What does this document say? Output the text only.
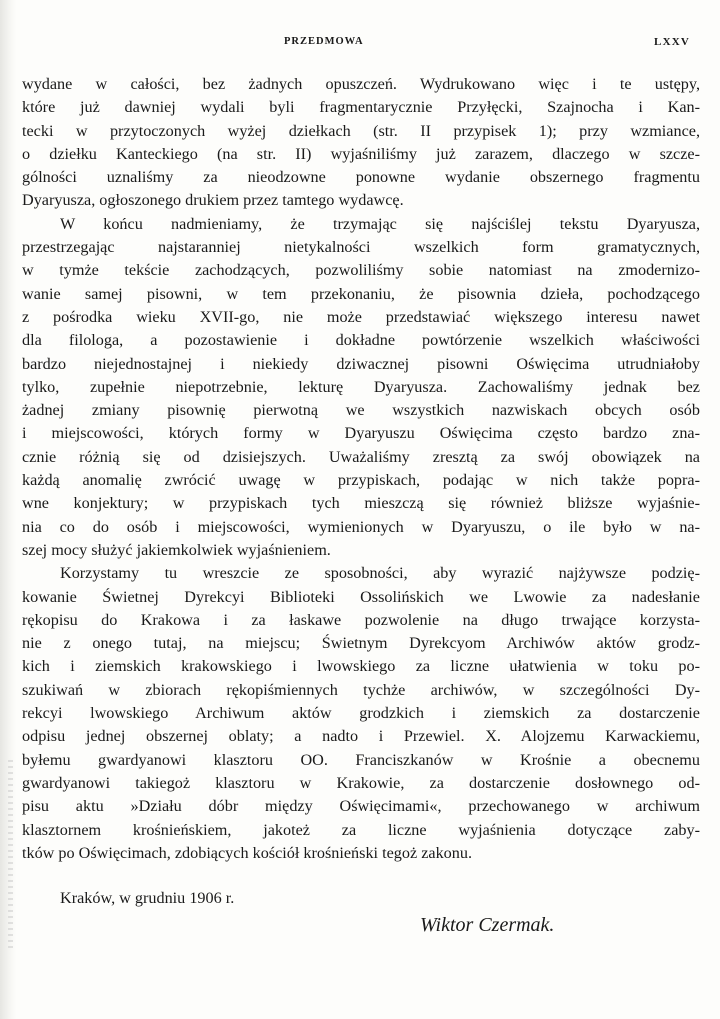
PRZEDMOWA	LXXV
wydane w całości, bez żadnych opuszczeń. Wydrukowano więc i te ustępy,
które już dawniej wydali byli fragmentarycznie Przyłęcki, Szajnocha i Kan-
tecki w przytoczonych wyżej dziełkach (str. II przypisek 1); przy wzmiance,
o dziełku Kanteckiego (na str. II) wyjaśniliśmy już zarazem, dlaczego w szcze-
gólności uznaliśmy za nieodzowne ponowne wydanie obszernego fragmentu
Dyaryusza, ogłoszonego drukiem przez tamtego wydawcę.
W końcu nadmieniamy, że trzymając się najściślej tekstu Dyaryusza,
przestrzegając najstaranniej nietykalności wszelkich form gramatycznych,
w tymże tekście zachodzących, pozwoliliśmy sobie natomiast na zmodernizo-
wanie samej pisowni, w tem przekonaniu, że pisownia dzieła, pochodzącego
z pośrodka wieku XVII-go, nie może przedstawiać większego interesu nawet
dla filologa, a pozostawienie i dokładne powtórzenie wszelkich właściwości
bardzo niejednostajnej i niekiedy dziwacznej pisowni Oświęcima utrudniałoby
tylko, zupełnie niepotrzebnie, lekturę Dyaryusza. Zachowaliśmy jednak bez
żadnej zmiany pisownię pierwotną we wszystkich nazwiskach obcych osób
i miejscowości, których formy w Dyaryuszu Oświęcima często bardzo zna-
cznie różnią się od dzisiejszych. Uważaliśmy zresztą za swój obowiązek na
każdą anomalię zwrócić uwagę w przypiskach, podając w nich także popra-
wne konjektury; w przypiskach tych mieszczą się również bliższe wyjaśnie-
nia co do osób i miejscowości, wymienionych w Dyaryuszu, o ile było w na-
szej mocy służyć jakiemkolwiek wyjaśnieniem.
Korzystamy tu wreszcie ze sposobności, aby wyrazić najżywsze podzię-
kowanie Świetnej Dyrekcyi Biblioteki Ossolińskich we Lwowie za nadesłanie
rękopisu do Krakowa i za łaskawe pozwolenie na długo trwające korzysta-
nie z onego tutaj, na miejscu; Świetnym Dyrekcyom Archiwów aktów grodz-
kich i ziemskich krakowskiego i lwowskiego za liczne ułatwienia w toku po-
szukiwań w zbiorach rękopiśmiennych tychże archiwów, w szczególności Dy-
rekcyi lwowskiego Archiwum aktów grodzkich i ziemskich za dostarczenie
odpisu jednej obszernej oblaty; a nadto i Przewiel. X. Alojzemu Karwackiemu,
byłemu gwardyanowi klasztoru OO. Franciszkanów w Krośnie a obecnemu
gwardyanowi takiegoż klasztoru w Krakowie, za dostarczenie dosłownego od-
pisu aktu »Działu dóbr między Oświęcimami«, przechowanego w archiwum
klasztornem krośnieńskiem, jakoteż za liczne wyjaśnienia dotyczące zaby-
tków po Oświęcimach, zdobiących kościół krośnieński tegoż zakonu.
Kraków, w grudniu 1906 r.
Wiktor Czermak.
